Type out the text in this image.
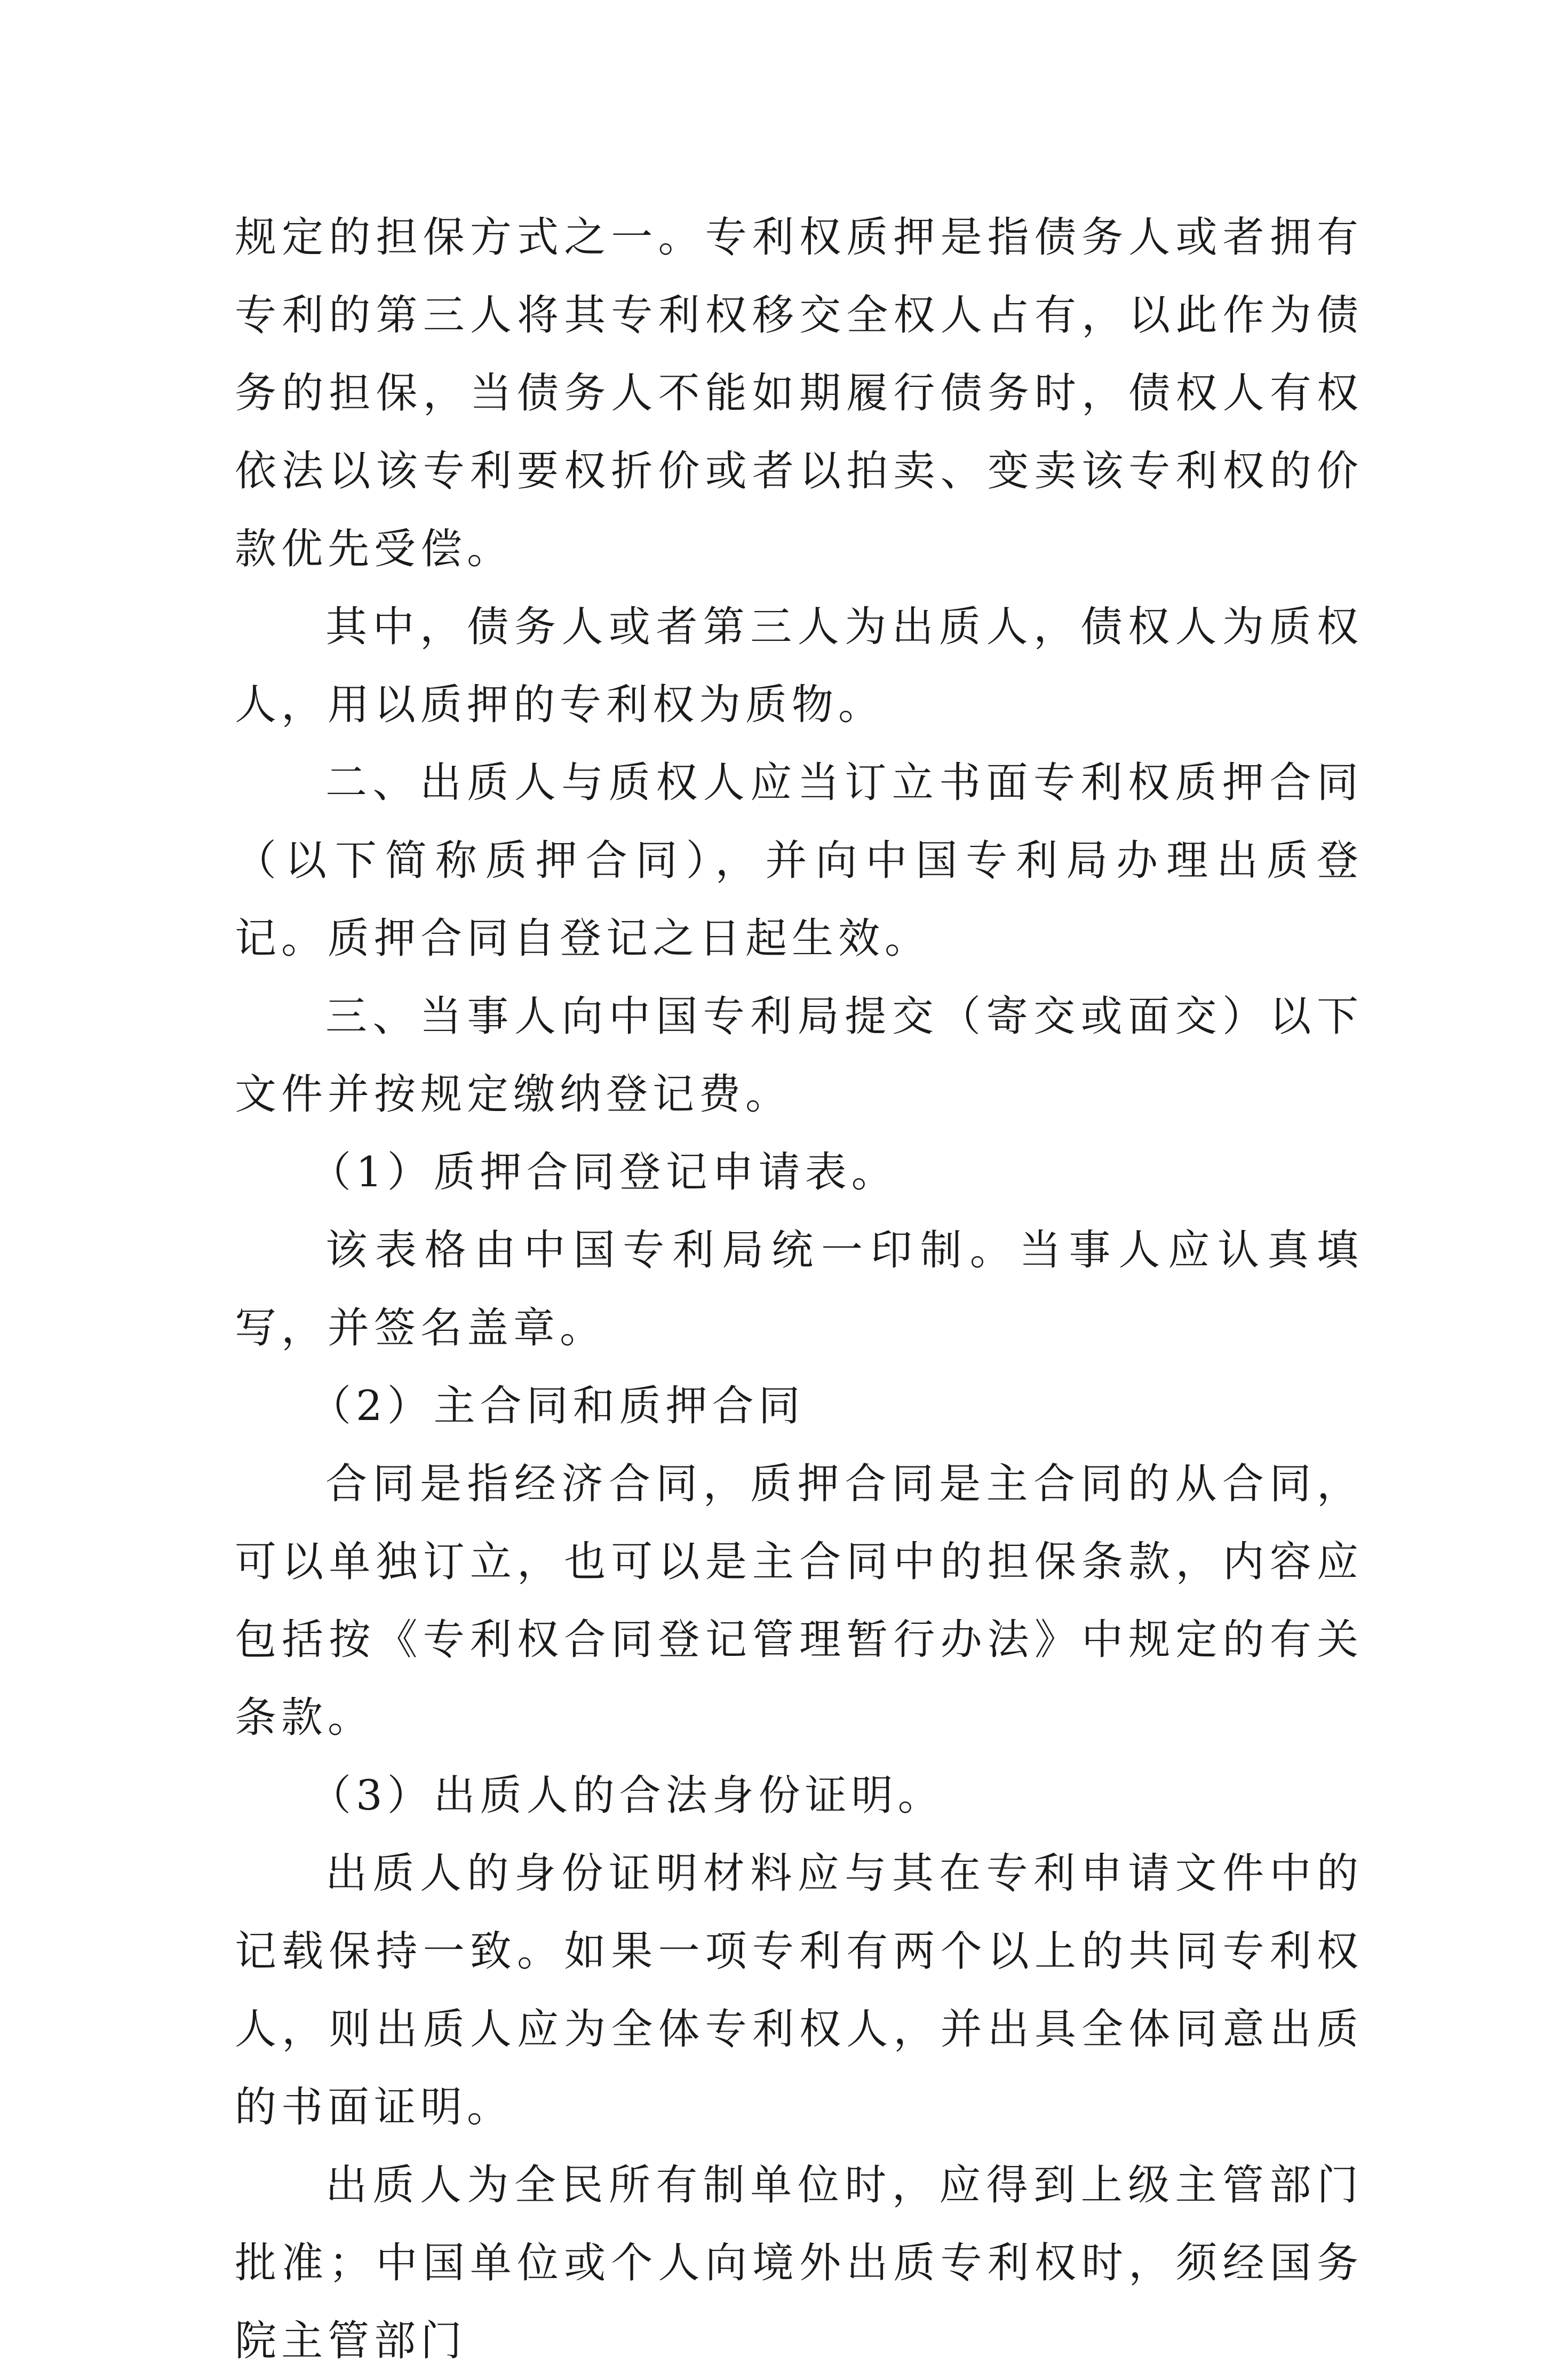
规定的担保方式之一。专利权质押是指债务人或者拥有专利的第三人将其专利权移交全权人占有，以此作为债务的担保，当债务人不能如期履行债务时，债权人有权依法以该专利要权折价或者以拍卖、变卖该专利权的价款优先受偿。

其中，债务人或者第三人为出质人，债权人为质权人，用以质押的专利权为质物。

二、出质人与质权人应当订立书面专利权质押合同（以下简称质押合同），并向中国专利局办理出质登记。质押合同自登记之日起生效。

三、当事人向中国专利局提交（寄交或面交）以下文件并按规定缴纳登记费。

（1）质押合同登记申请表。

该表格由中国专利局统一印制。当事人应认真填写，并签名盖章。

（2）主合同和质押合同

合同是指经济合同，质押合同是主合同的从合同，可以单独订立，也可以是主合同中的担保条款，内容应包括按《专利权合同登记管理暂行办法》中规定的有关条款。

（3）出质人的合法身份证明。

出质人的身份证明材料应与其在专利申请文件中的记载保持一致。如果一项专利有两个以上的共同专利权人，则出质人应为全体专利权人，并出具全体同意出质的书面证明。

出质人为全民所有制单位时，应得到上级主管部门批准；中国单位或个人向境外出质专利权时，须经国务院主管部门
